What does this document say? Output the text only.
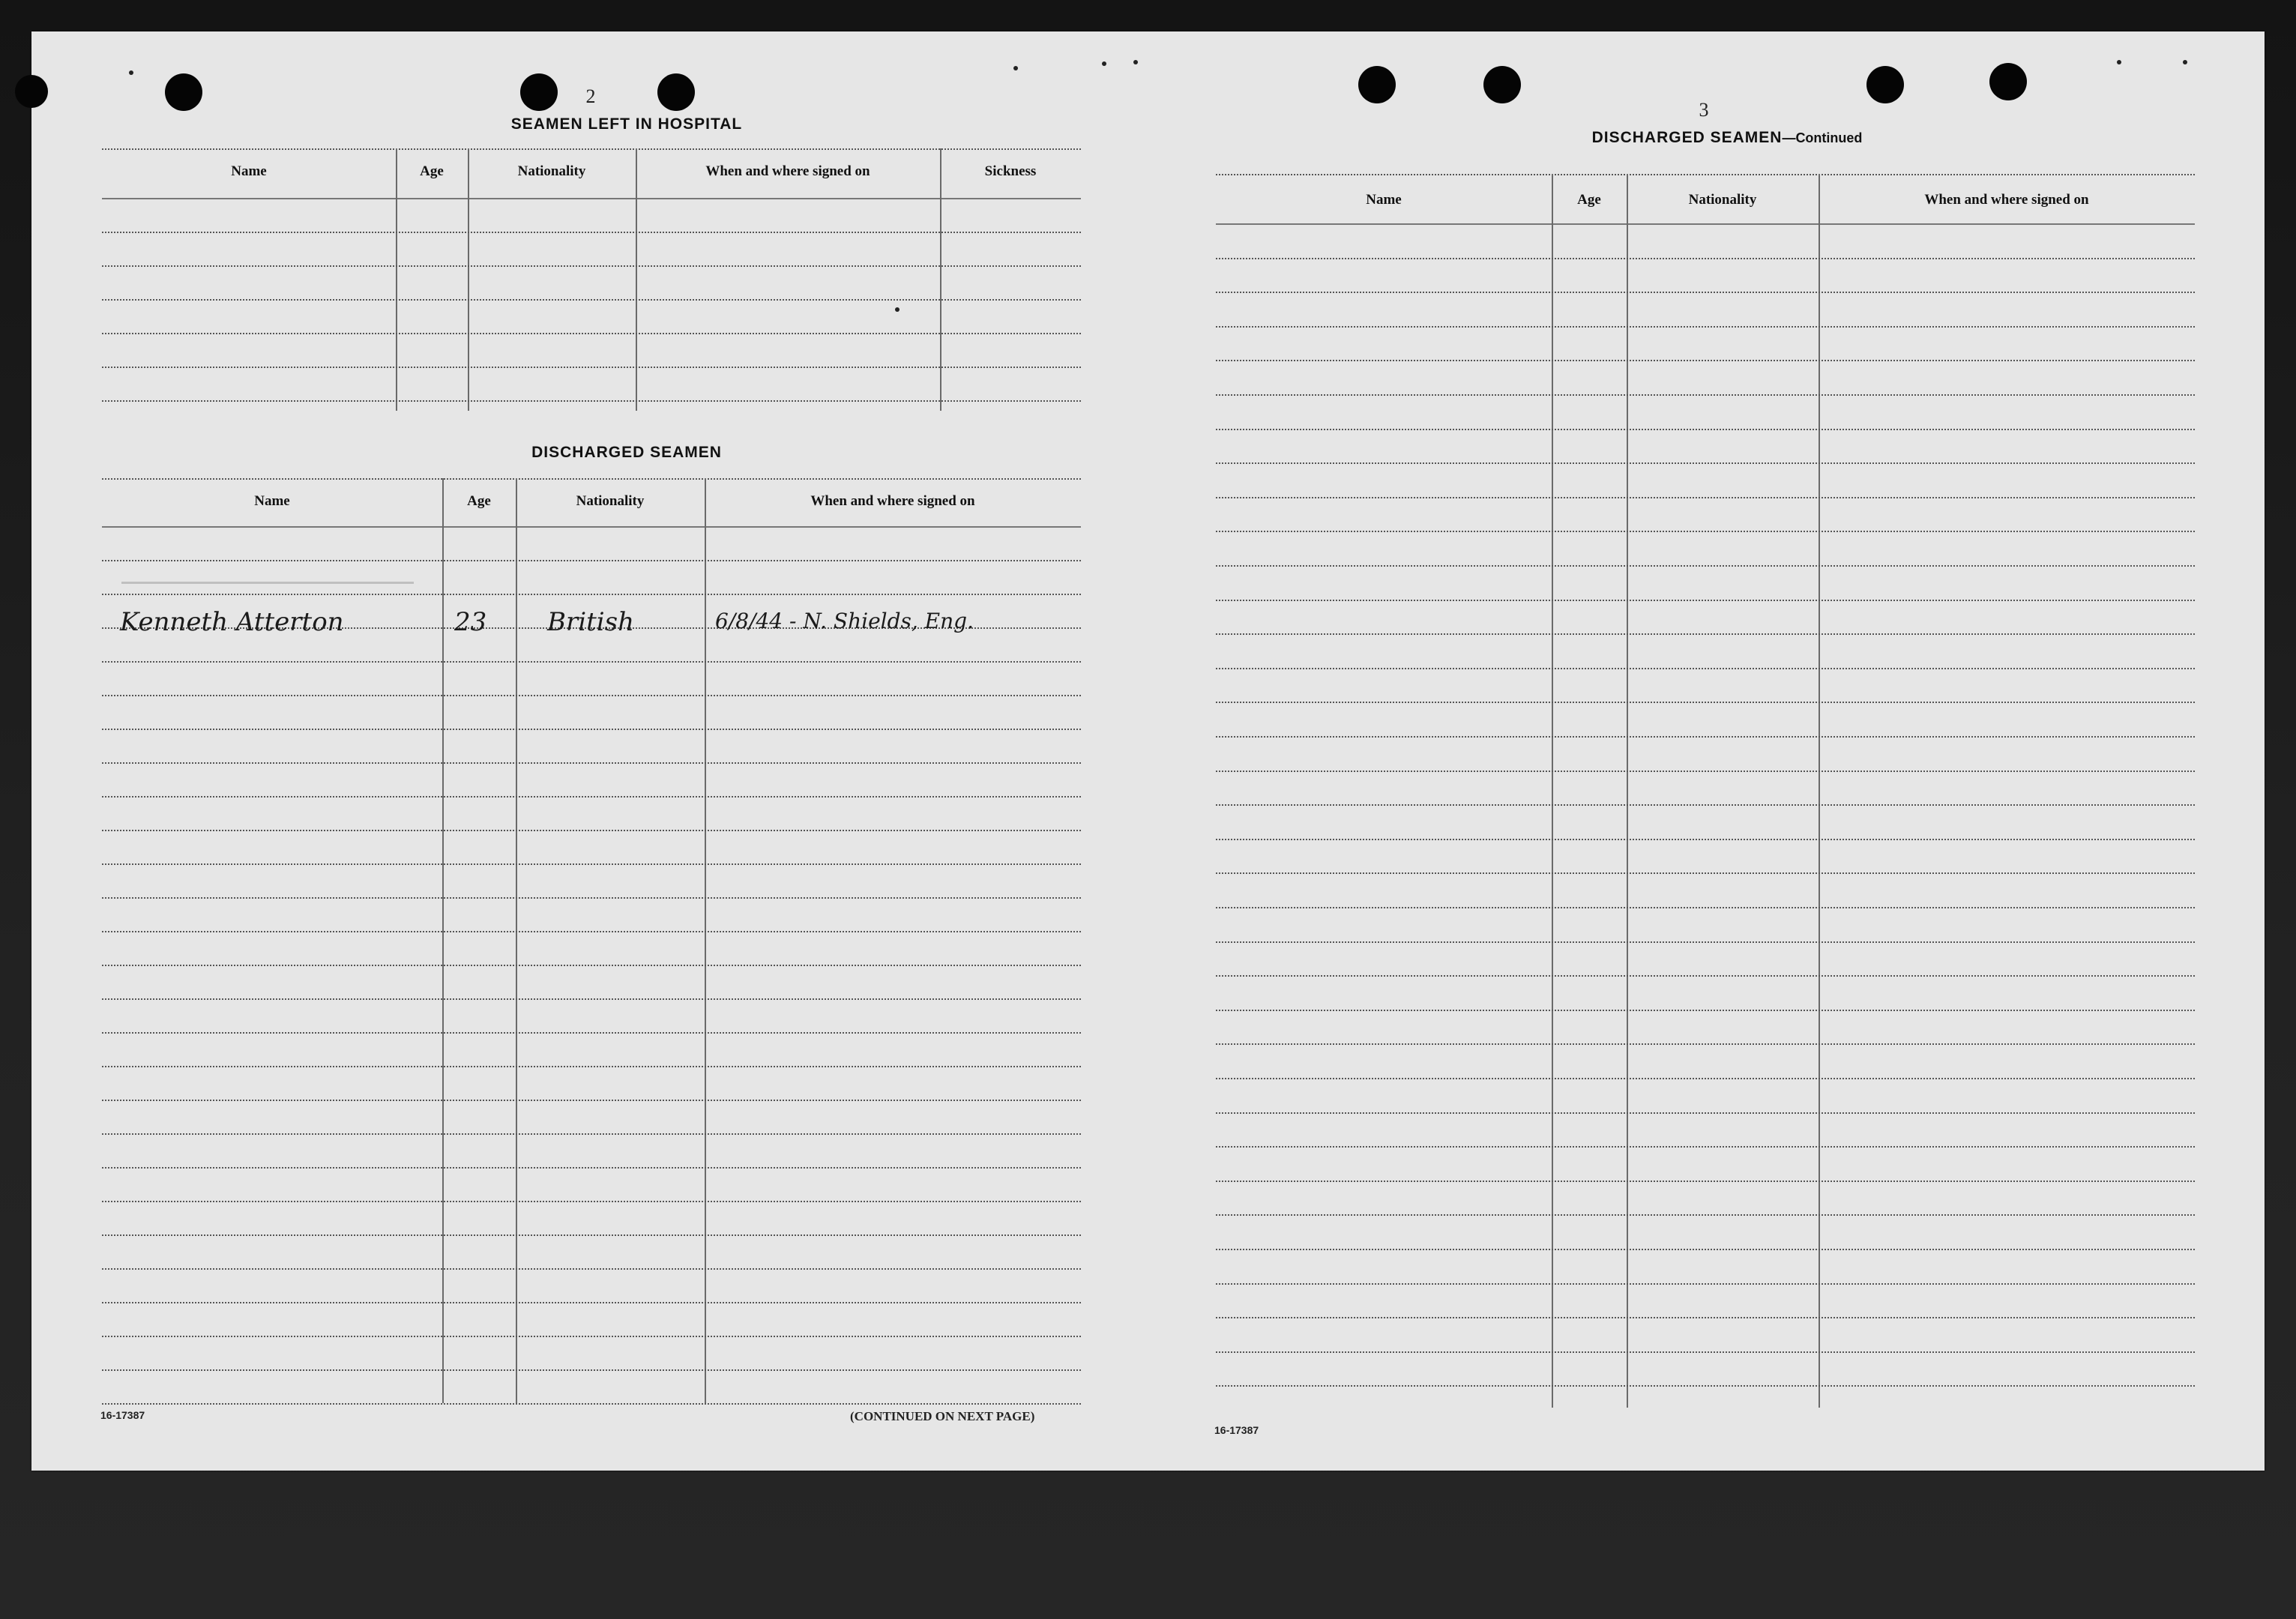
2
SEAMEN LEFT IN HOSPITAL
Name	Age	Nationality	When and where signed on	Sickness
DISCHARGED SEAMEN
Name	Age	Nationality	When and where signed on
Kenneth Atterton	23 British	6/8/44 - N. Shields, Eng.
16-17387	(CONTINUED ON NEXT PAGE)
3
DISCHARGED SEAMEN—Continued
Name	Age	Nationality	When and where signed on
16-17387
